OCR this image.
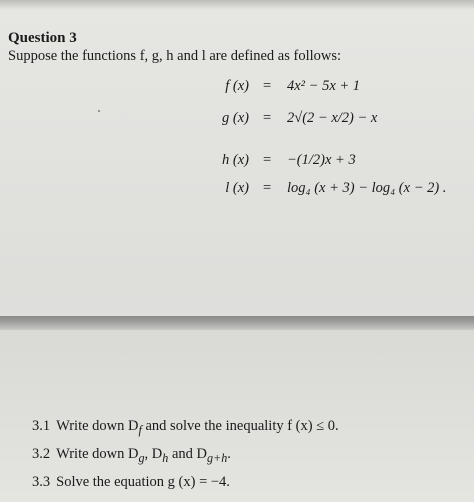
Question 3
Suppose the functions f, g, h and l are defined as follows:
f (x) = 4x² − 5x + 1
g (x) = 2√(2 − x/2) − x
h (x) = −(1/2)x + 3
l (x) = log₄ (x + 3) − log₄ (x − 2) .
3.1 Write down $D_f$ and solve the inequality f (x) ≤ 0.
3.2 Write down $D_g$, $D_h$ and $D_{g+h}$.
3.3 Solve the equation g (x) = −4.
